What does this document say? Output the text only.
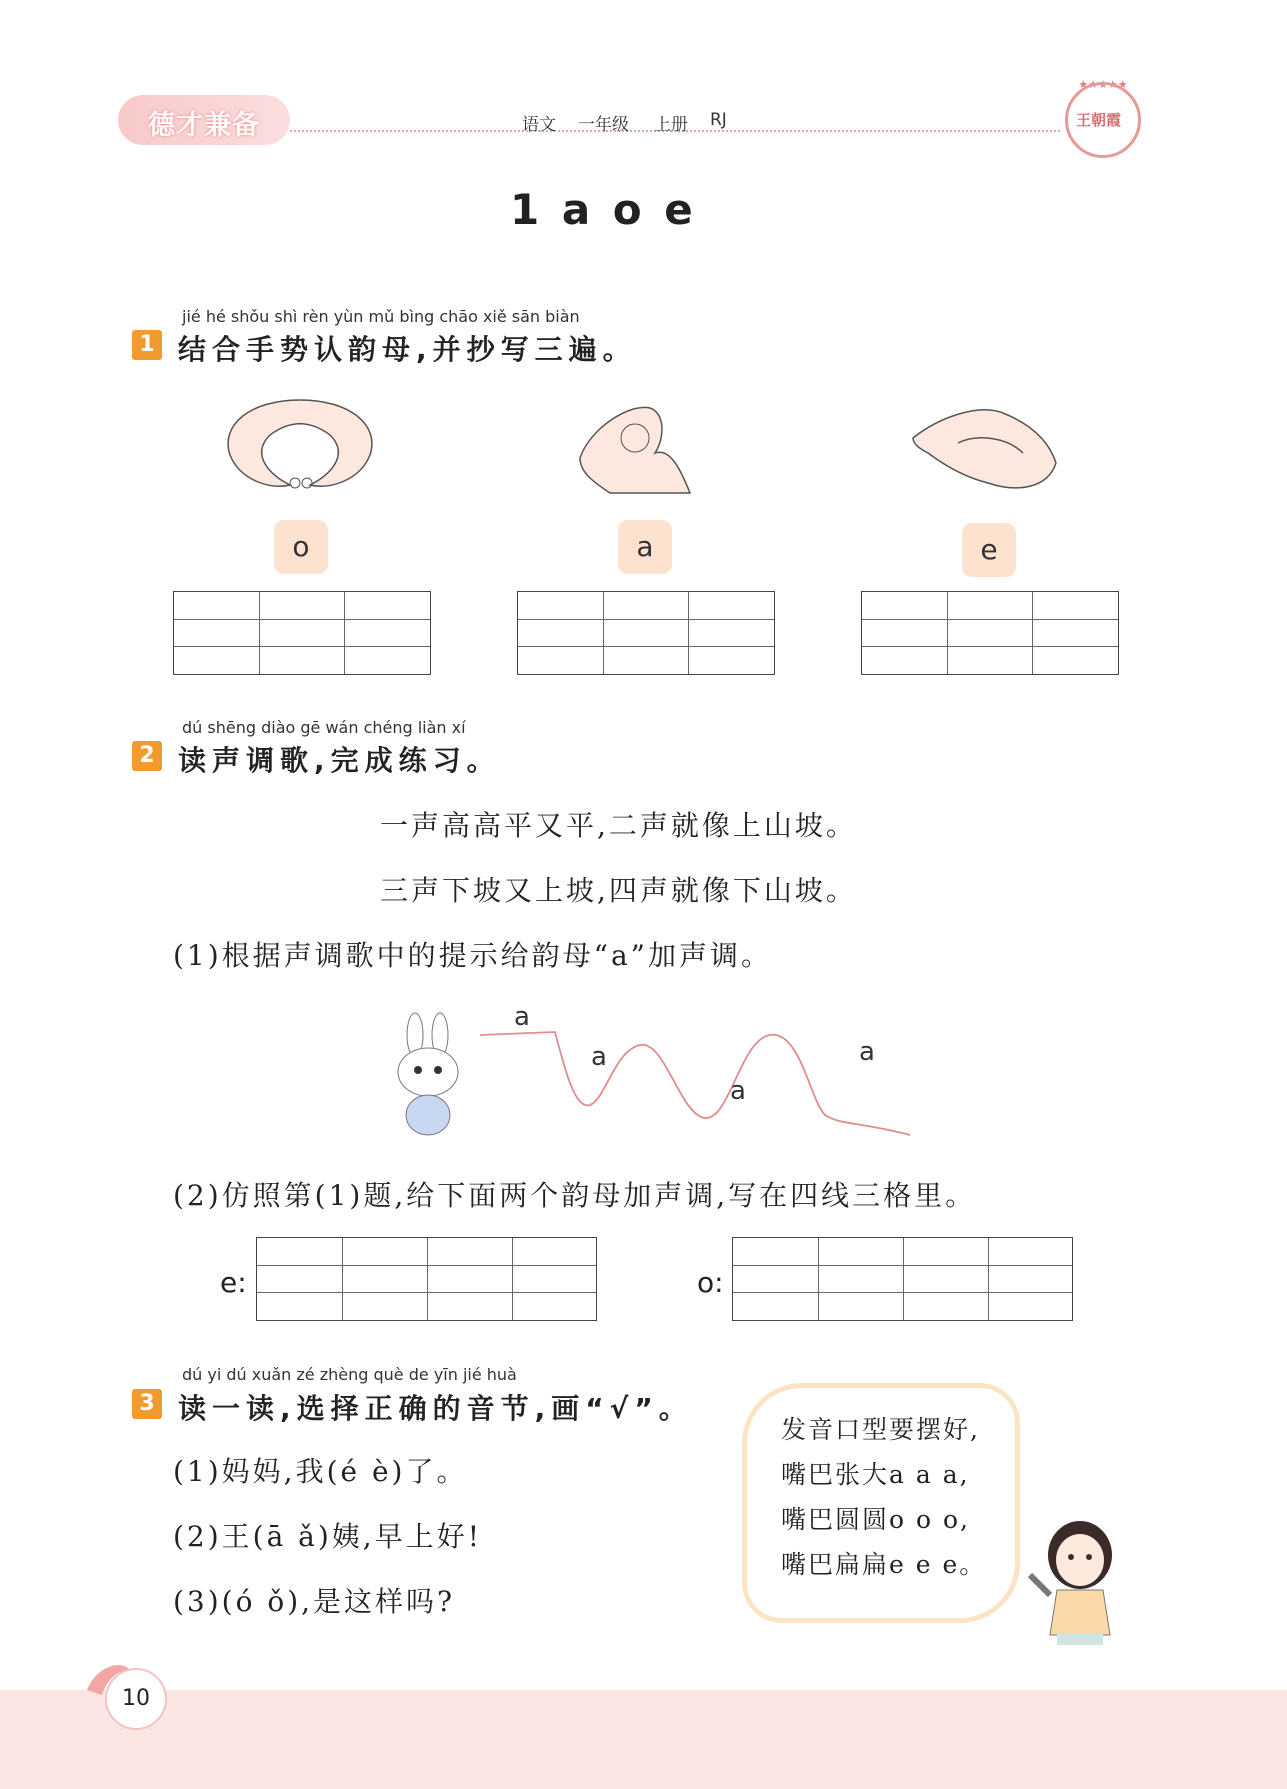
德才兼备	语文 一年级 上册 RJ
★★★★★
王朝霞
1 a o e
jié hé shǒu shì rèn yùn mǔ bìng chāo xiě sān biàn
1 结合手势认韵母,并抄写三遍。
o	a	e
dú shēng diào gē wán chéng liàn xí
2 读声调歌,完成练习。
一声高高平又平,二声就像上山坡。
三声下坡又上坡,四声就像下山坡。
(1)根据声调歌中的提示给韵母“a”加声调。
a
a
a
a
(2)仿照第(1)题,给下面两个韵母加声调,写在四线三格里。
e:	o:
dú yi dú xuǎn zé zhèng què de yīn jié huà
3 读一读,选择正确的音节,画“√”。
(1)妈妈,我(é è)了。
(2)王(ā ǎ)姨,早上好!
(3)(ó ǒ),是这样吗?
发音口型要摆好,
嘴巴张大a a a,
嘴巴圆圆o o o,
嘴巴扁扁e e e。
10
